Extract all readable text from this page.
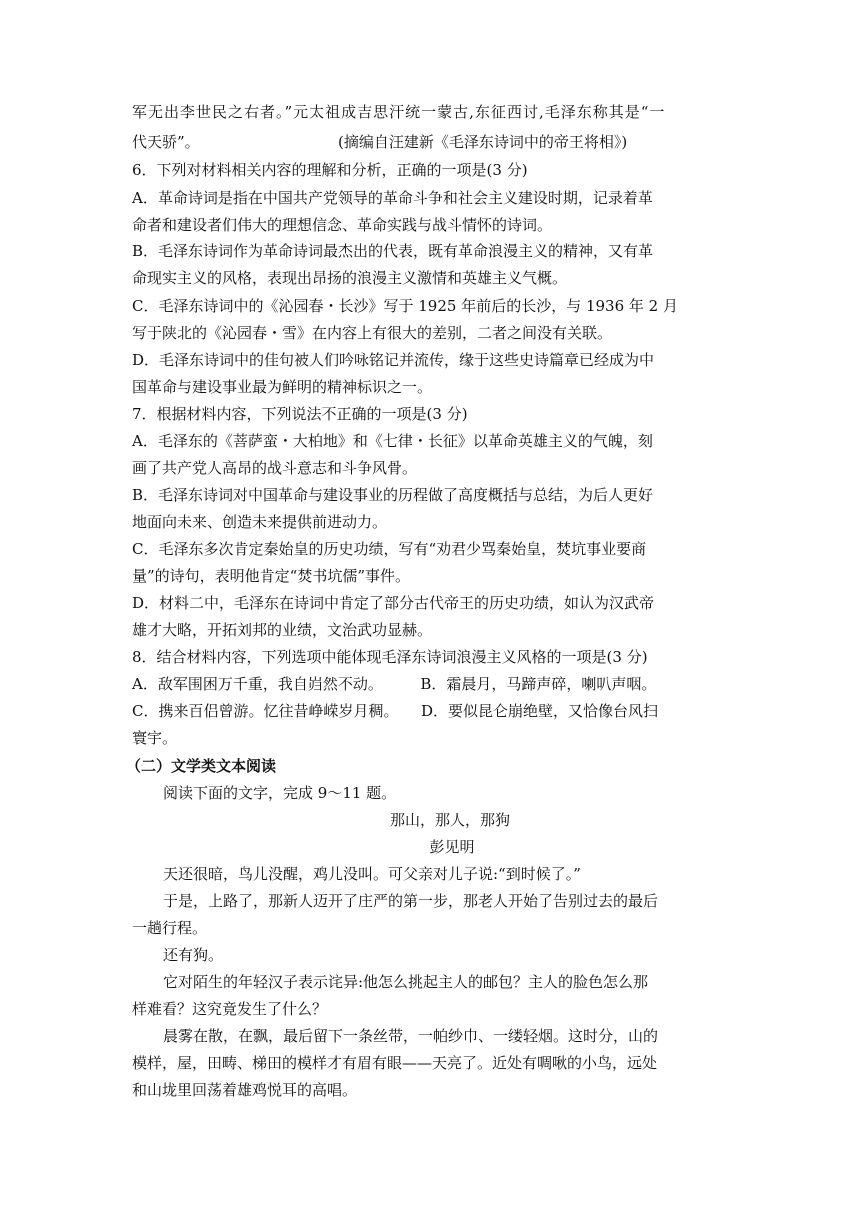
军无出李世民之右者。”元太祖成吉思汗统一蒙古,东征西讨,毛泽东称其是“一
代天骄”。	(摘编自汪建新《毛泽东诗词中的帝王将相》)
6．下列对材料相关内容的理解和分析，正确的一项是(3 分)
A．革命诗词是指在中国共产党领导的革命斗争和社会主义建设时期，记录着革
命者和建设者们伟大的理想信念、革命实践与战斗情怀的诗词。
B．毛泽东诗词作为革命诗词最杰出的代表，既有革命浪漫主义的精神，又有革
命现实主义的风格，表现出昂扬的浪漫主义激情和英雄主义气概。
C．毛泽东诗词中的《沁园春・长沙》写于 1925 年前后的长沙，与 1936 年 2 月
写于陕北的《沁园春・雪》在内容上有很大的差别，二者之间没有关联。
D．毛泽东诗词中的佳句被人们吟咏铭记并流传，缘于这些史诗篇章已经成为中
国革命与建设事业最为鲜明的精神标识之一。
7．根据材料内容，下列说法不正确的一项是(3 分)
A．毛泽东的《菩萨蛮・大柏地》和《七律・长征》以革命英雄主义的气魄，刻
画了共产党人高昂的战斗意志和斗争风骨。
B．毛泽东诗词对中国革命与建设事业的历程做了高度概括与总结，为后人更好
地面向未来、创造未来提供前进动力。
C．毛泽东多次肯定秦始皇的历史功绩，写有“劝君少骂秦始皇，焚坑事业要商
量”的诗句，表明他肯定“焚书坑儒”事件。
D．材料二中，毛泽东在诗词中肯定了部分古代帝王的历史功绩，如认为汉武帝
雄才大略，开拓刘邦的业绩，文治武功显赫。
8．结合材料内容，下列选项中能体现毛泽东诗词浪漫主义风格的一项是(3 分)
A．敌军围困万千重，我自岿然不动。　　　B．霜晨月，马蹄声碎，喇叭声咽。
C．携来百侣曾游。忆往昔峥嵘岁月稠。　　D．要似昆仑崩绝壁，又恰像台风扫
寰宇。
（二）文学类文本阅读
阅读下面的文字，完成 9～11 题。
那山，那人，那狗
彭见明
天还很暗，鸟儿没醒，鸡儿没叫。可父亲对儿子说:“到时候了。”
于是，上路了，那新人迈开了庄严的第一步，那老人开始了告别过去的最后
一趟行程。
还有狗。
它对陌生的年轻汉子表示诧异:他怎么挑起主人的邮包？主人的脸色怎么那
样难看？这究竟发生了什么？
晨雾在散，在飘，最后留下一条丝带，一帕纱巾、一缕轻烟。这时分，山的
模样，屋，田畴、梯田的模样才有眉有眼——天亮了。近处有啁啾的小鸟，远处
和山垅里回荡着雄鸡悦耳的高唱。
